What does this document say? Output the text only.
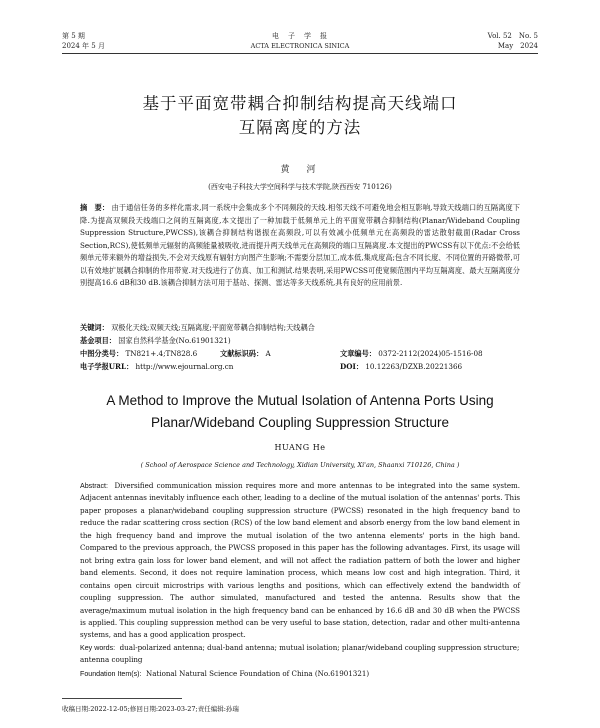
第 5 期
2024 年 5 月
电　子　学　报
ACTA ELECTRONICA SINICA
Vol. 52　No. 5
May　2024
基于平面宽带耦合抑制结构提高天线端口
互隔离度的方法
黄　河
(西安电子科技大学空间科学与技术学院,陕西西安 710126)
摘　要： 由于通信任务的多样化需求,同一系统中会集成多个不同频段的天线.相邻天线不可避免地会相互影响,导致天线端口的互隔离度下降.为提高双频段天线端口之间的互隔离度,本文提出了一种加载于低频单元上的平面宽带耦合抑制结构(Planar/Wideband Coupling Suppression Structure,PWCSS),该耦合抑制结构谐振在高频段,可以有效减小低频单元在高频段的雷达散射截面(Radar Cross Section,RCS),使低频单元辐射的高频能量被吸收,进而提升两天线单元在高频段的端口互隔离度.本文提出的PWCSS有以下优点:不会给低频单元带来额外的增益损失,不会对天线原有辐射方向图产生影响;不需要分层加工,成本低,集成度高;包含不同长度、不同位置的开路微带,可以有效地扩展耦合抑制的作用带宽.对天线进行了仿真、加工和测试.结果表明,采用PWCSS可使宽频范围内平均互隔离度、最大互隔离度分别提高16.6 dB和30 dB.该耦合抑制方法可用于基站、探测、雷达等多天线系统,具有良好的应用前景.
关键词： 双极化天线;双频天线;互隔离度;平面宽带耦合抑制结构;天线耦合
基金项目： 国家自然科学基金(No.61901321)
中图分类号： TN821+.4;TN828.6	文献标识码： A	文章编号： 0372-2112(2024)05-1516-08
电子学报URL： http://www.ejournal.org.cn	DOI： 10.12263/DZXB.20221366
A Method to Improve the Mutual Isolation of Antenna Ports Using
Planar/Wideband Coupling Suppression Structure
HUANG He
( School of Aerospace Science and Technology, Xidian University, Xi'an, Shaanxi 710126, China )
Abstract: Diversified communication mission requires more and more antennas to be integrated into the same system. Adjacent antennas inevitably influence each other, leading to a decline of the mutual isolation of the antennas' ports. This paper proposes a planar/wideband coupling suppression structure (PWCSS) resonated in the high frequency band to reduce the radar scattering cross section (RCS) of the low band element and absorb energy from the low band element in the high frequency band and improve the mutual isolation of the two antenna elements' ports in the high band. Compared to the previous approach, the PWCSS proposed in this paper has the following advantages. First, its usage will not bring extra gain loss for lower band element, and will not affect the radiation pattern of both the lower and higher band elements. Second, it does not require lamination process, which means low cost and high integration. Third, it contains open circuit microstrips with various lengths and positions, which can effectively extend the bandwidth of coupling suppression. The author simulated, manufactured and tested the antenna. Results show that the average/maximum mutual isolation in the high frequency band can be enhanced by 16.6 dB and 30 dB when the PWCSS is applied. This coupling suppression method can be very useful to base station, detection, radar and other multi-antenna systems, and has a good application prospect.
Key words: dual-polarized antenna; dual-band antenna; mutual isolation; planar/wideband coupling suppression structure; antenna coupling
Foundation Item(s): National Natural Science Foundation of China (No.61901321)
收稿日期:2022-12-05;修回日期:2023-03-27;责任编辑:孙瑞
